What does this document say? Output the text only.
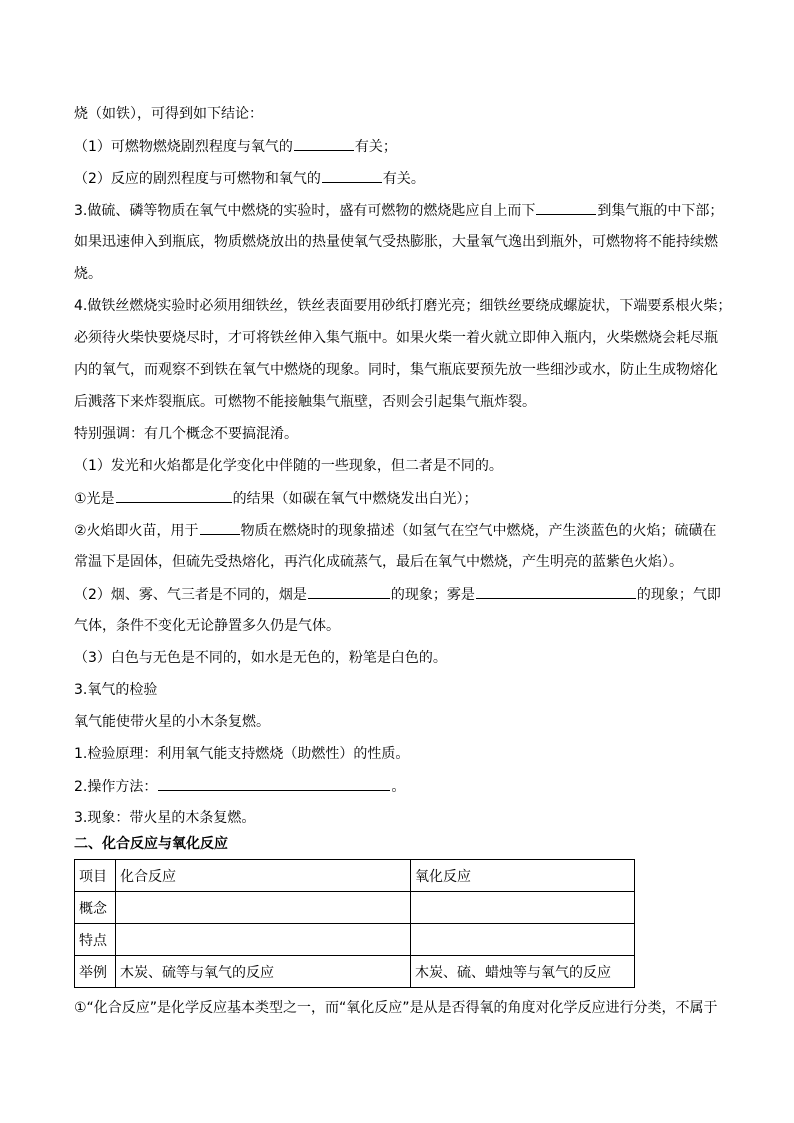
烧（如铁），可得到如下结论：
（1）可燃物燃烧剧烈程度与氧气的	有关；
（2）反应的剧烈程度与可燃物和氧气的	有关。
3.做硫、磷等物质在氧气中燃烧的实验时，盛有可燃物的燃烧匙应自上而下	到集气瓶的中下部；
如果迅速伸入到瓶底，物质燃烧放出的热量使氧气受热膨胀，大量氧气逸出到瓶外，可燃物将不能持续燃
烧。
4.做铁丝燃烧实验时必须用细铁丝，铁丝表面要用砂纸打磨光亮；细铁丝要绕成螺旋状，下端要系根火柴；
必须待火柴快要烧尽时，才可将铁丝伸入集气瓶中。如果火柴一着火就立即伸入瓶内，火柴燃烧会耗尽瓶
内的氧气，而观察不到铁在氧气中燃烧的现象。同时，集气瓶底要预先放一些细沙或水，防止生成物熔化
后溅落下来炸裂瓶底。可燃物不能接触集气瓶壁，否则会引起集气瓶炸裂。
特别强调：有几个概念不要搞混淆。
（1）发光和火焰都是化学变化中伴随的一些现象，但二者是不同的。
①光是	的结果（如碳在氧气中燃烧发出白光）；
②火焰即火苗，用于	物质在燃烧时的现象描述（如氢气在空气中燃烧，产生淡蓝色的火焰；硫磺在
常温下是固体，但硫先受热熔化，再汽化成硫蒸气，最后在氧气中燃烧，产生明亮的蓝紫色火焰）。
（2）烟、雾、气三者是不同的，烟是	的现象；雾是	的现象；气即
气体，条件不变化无论静置多久仍是气体。
（3）白色与无色是不同的，如水是无色的，粉笔是白色的。
3.氧气的检验
氧气能使带火星的小木条复燃。
1.检验原理：利用氧气能支持燃烧（助燃性）的性质。
2.操作方法：	。
3.现象：带火星的木条复燃。
二、化合反应与氧化反应
项目	化合反应	氧化反应
概念		
特点		
举例	木炭、硫等与氧气的反应	木炭、硫、蜡烛等与氧气的反应
①“化合反应”是化学反应基本类型之一，而“氧化反应”是从是否得氧的角度对化学反应进行分类，不属于
